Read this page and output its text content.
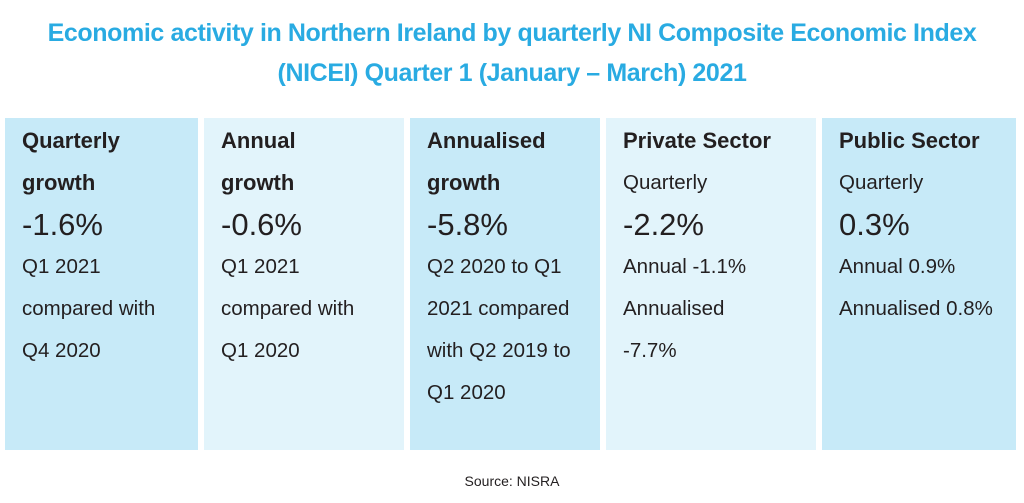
Economic activity in Northern Ireland by quarterly NI Composite Economic Index
(NICEI) Quarter 1 (January – March) 2021
Quarterly
growth
-1.6%
Q1 2021
compared with
Q4 2020
Annual
growth
-0.6%
Q1 2021
compared with
Q1 2020
Annualised
growth
-5.8%
Q2 2020 to Q1
2021 compared
with Q2 2019 to
Q1 2020
Private Sector
Quarterly
-2.2%
Annual -1.1%
Annualised
-7.7%
Public Sector
Quarterly
0.3%
Annual 0.9%
Annualised 0.8%
Source: NISRA
